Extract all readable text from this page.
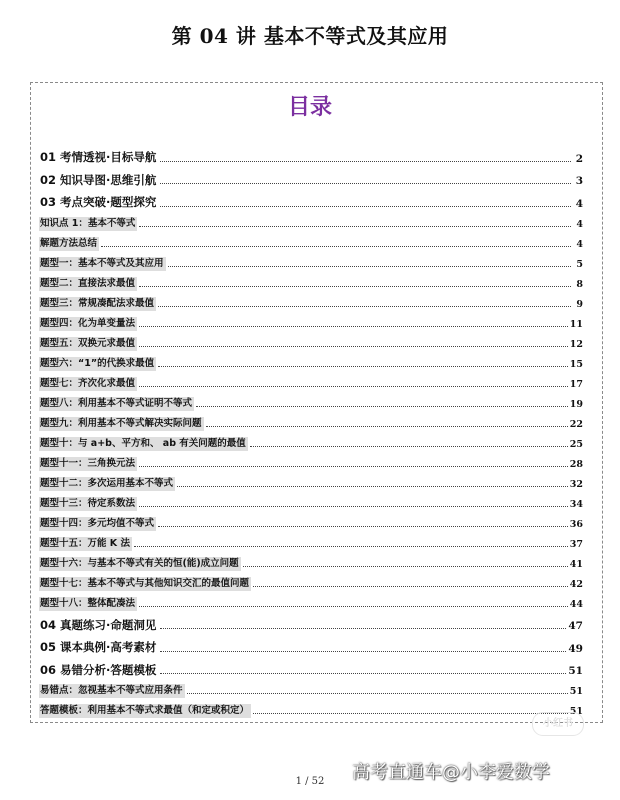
第 04 讲 基本不等式及其应用
目录
01 考情透视·目标导航	2
02 知识导图·思维引航	3
03 考点突破·题型探究	4
知识点 1：基本不等式	4
解题方法总结	4
题型一：基本不等式及其应用	5
题型二：直接法求最值	8
题型三：常规凑配法求最值	9
题型四：化为单变量法	11
题型五：双换元求最值	12
题型六：“1”的代换求最值	15
题型七：齐次化求最值	17
题型八：利用基本不等式证明不等式	19
题型九：利用基本不等式解决实际问题	22
题型十：与 a+b、平方和、 ab 有关问题的最值	25
题型十一：三角换元法	28
题型十二：多次运用基本不等式	32
题型十三：待定系数法	34
题型十四：多元均值不等式	36
题型十五：万能 K 法	37
题型十六：与基本不等式有关的恒(能)成立问题	41
题型十七：基本不等式与其他知识交汇的最值问题	42
题型十八：整体配凑法	44
04 真题练习·命题洞见	47
05 课本典例·高考素材	49
06 易错分析·答题模板	51
易错点：忽视基本不等式应用条件	51
答题模板：利用基本不等式求最值（和定或积定）	51
1 / 52
小红书
高考直通车@小李爱数学
